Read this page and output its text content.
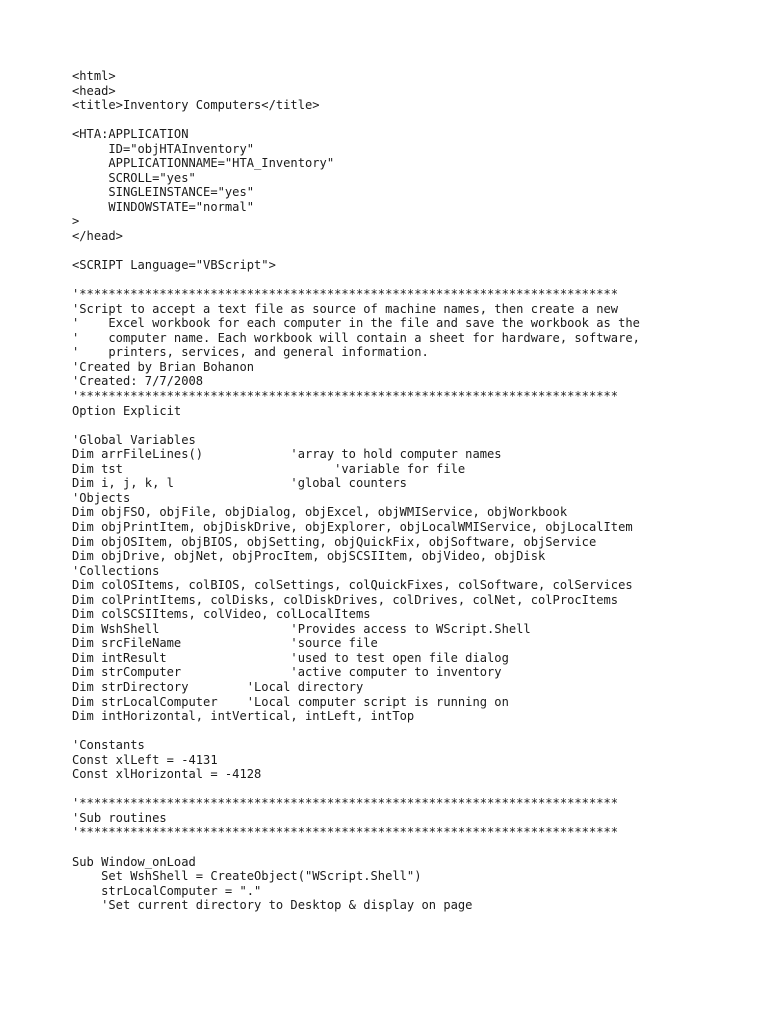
<html>
<head>
<title>Inventory Computers</title>
<HTA:APPLICATION
ID="objHTAInventory"
APPLICATIONNAME="HTA_Inventory"
SCROLL="yes"
SINGLEINSTANCE="yes"
WINDOWSTATE="normal"
>
</head>
<SCRIPT Language="VBScript">
'**************************************************************************
'Script to accept a text file as source of machine names, then create a new
'    Excel workbook for each computer in the file and save the workbook as the
'    computer name. Each workbook will contain a sheet for hardware, software,
'    printers, services, and general information.
'Created by Brian Bohanon
'Created: 7/7/2008
'**************************************************************************
Option Explicit
'Global Variables
Dim arrFileLines()            'array to hold computer names
Dim tst                             'variable for file
Dim i, j, k, l                'global counters
'Objects
Dim objFSO, objFile, objDialog, objExcel, objWMIService, objWorkbook
Dim objPrintItem, objDiskDrive, objExplorer, objLocalWMIService, objLocalItem
Dim objOSItem, objBIOS, objSetting, objQuickFix, objSoftware, objService
Dim objDrive, objNet, objProcItem, objSCSIItem, objVideo, objDisk
'Collections
Dim colOSItems, colBIOS, colSettings, colQuickFixes, colSoftware, colServices
Dim colPrintItems, colDisks, colDiskDrives, colDrives, colNet, colProcItems
Dim colSCSIItems, colVideo, colLocalItems
Dim WshShell                  'Provides access to WScript.Shell
Dim srcFileName               'source file
Dim intResult                 'used to test open file dialog
Dim strComputer               'active computer to inventory
Dim strDirectory        'Local directory
Dim strLocalComputer    'Local computer script is running on
Dim intHorizontal, intVertical, intLeft, intTop
'Constants
Const xlLeft = -4131
Const xlHorizontal = -4128
'**************************************************************************
'Sub routines
'**************************************************************************
Sub Window_onLoad
Set WshShell = CreateObject("WScript.Shell")
strLocalComputer = "."
'Set current directory to Desktop & display on page
